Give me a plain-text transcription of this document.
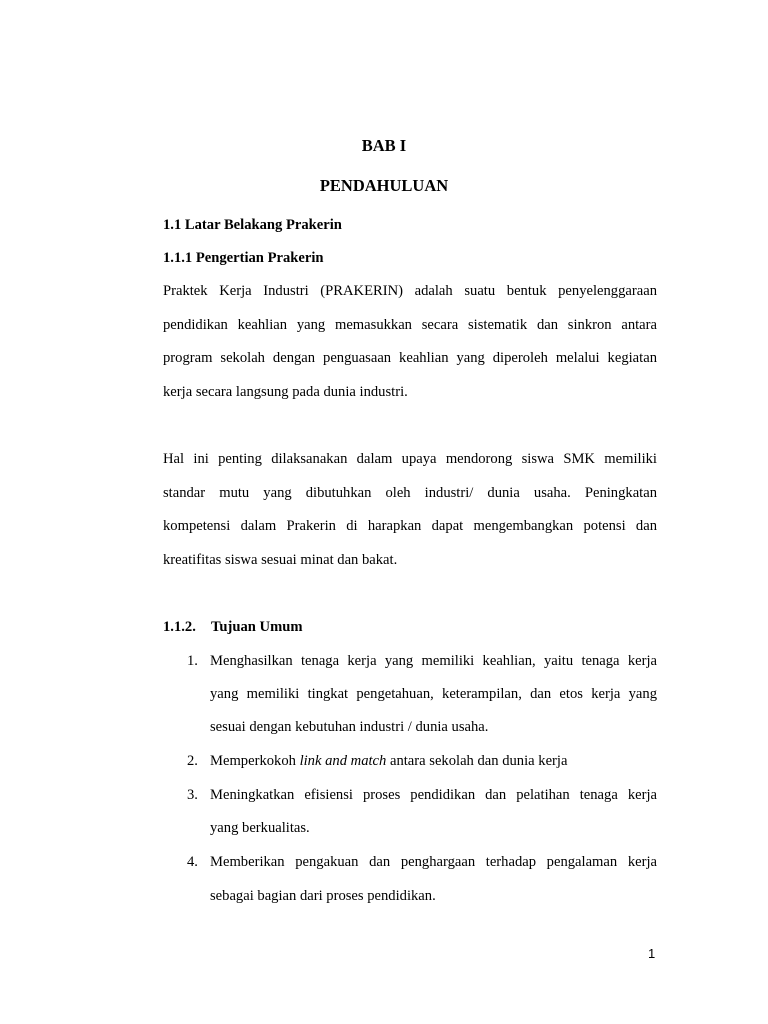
BAB I
PENDAHULUAN
1.1 Latar Belakang Prakerin
1.1.1 Pengertian Prakerin
Praktek Kerja Industri (PRAKERIN) adalah suatu bentuk penyelenggaraan
pendidikan keahlian yang memasukkan secara sistematik dan sinkron antara
program sekolah dengan penguasaan keahlian yang diperoleh melalui kegiatan
kerja secara langsung pada dunia industri.
Hal ini penting dilaksanakan dalam upaya mendorong siswa SMK memiliki
standar mutu yang dibutuhkan oleh industri/ dunia usaha. Peningkatan
kompetensi dalam Prakerin di harapkan dapat mengembangkan potensi dan
kreatifitas siswa sesuai minat dan bakat.
1.1.2. Tujuan Umum
1. Menghasilkan tenaga kerja yang memiliki keahlian, yaitu tenaga kerja
yang memiliki tingkat pengetahuan, keterampilan, dan etos kerja yang
sesuai dengan kebutuhan industri / dunia usaha.
2. Memperkokoh link and match antara sekolah dan dunia kerja
3. Meningkatkan efisiensi proses pendidikan dan pelatihan tenaga kerja
yang berkualitas.
4. Memberikan pengakuan dan penghargaan terhadap pengalaman kerja
sebagai bagian dari proses pendidikan.
1
